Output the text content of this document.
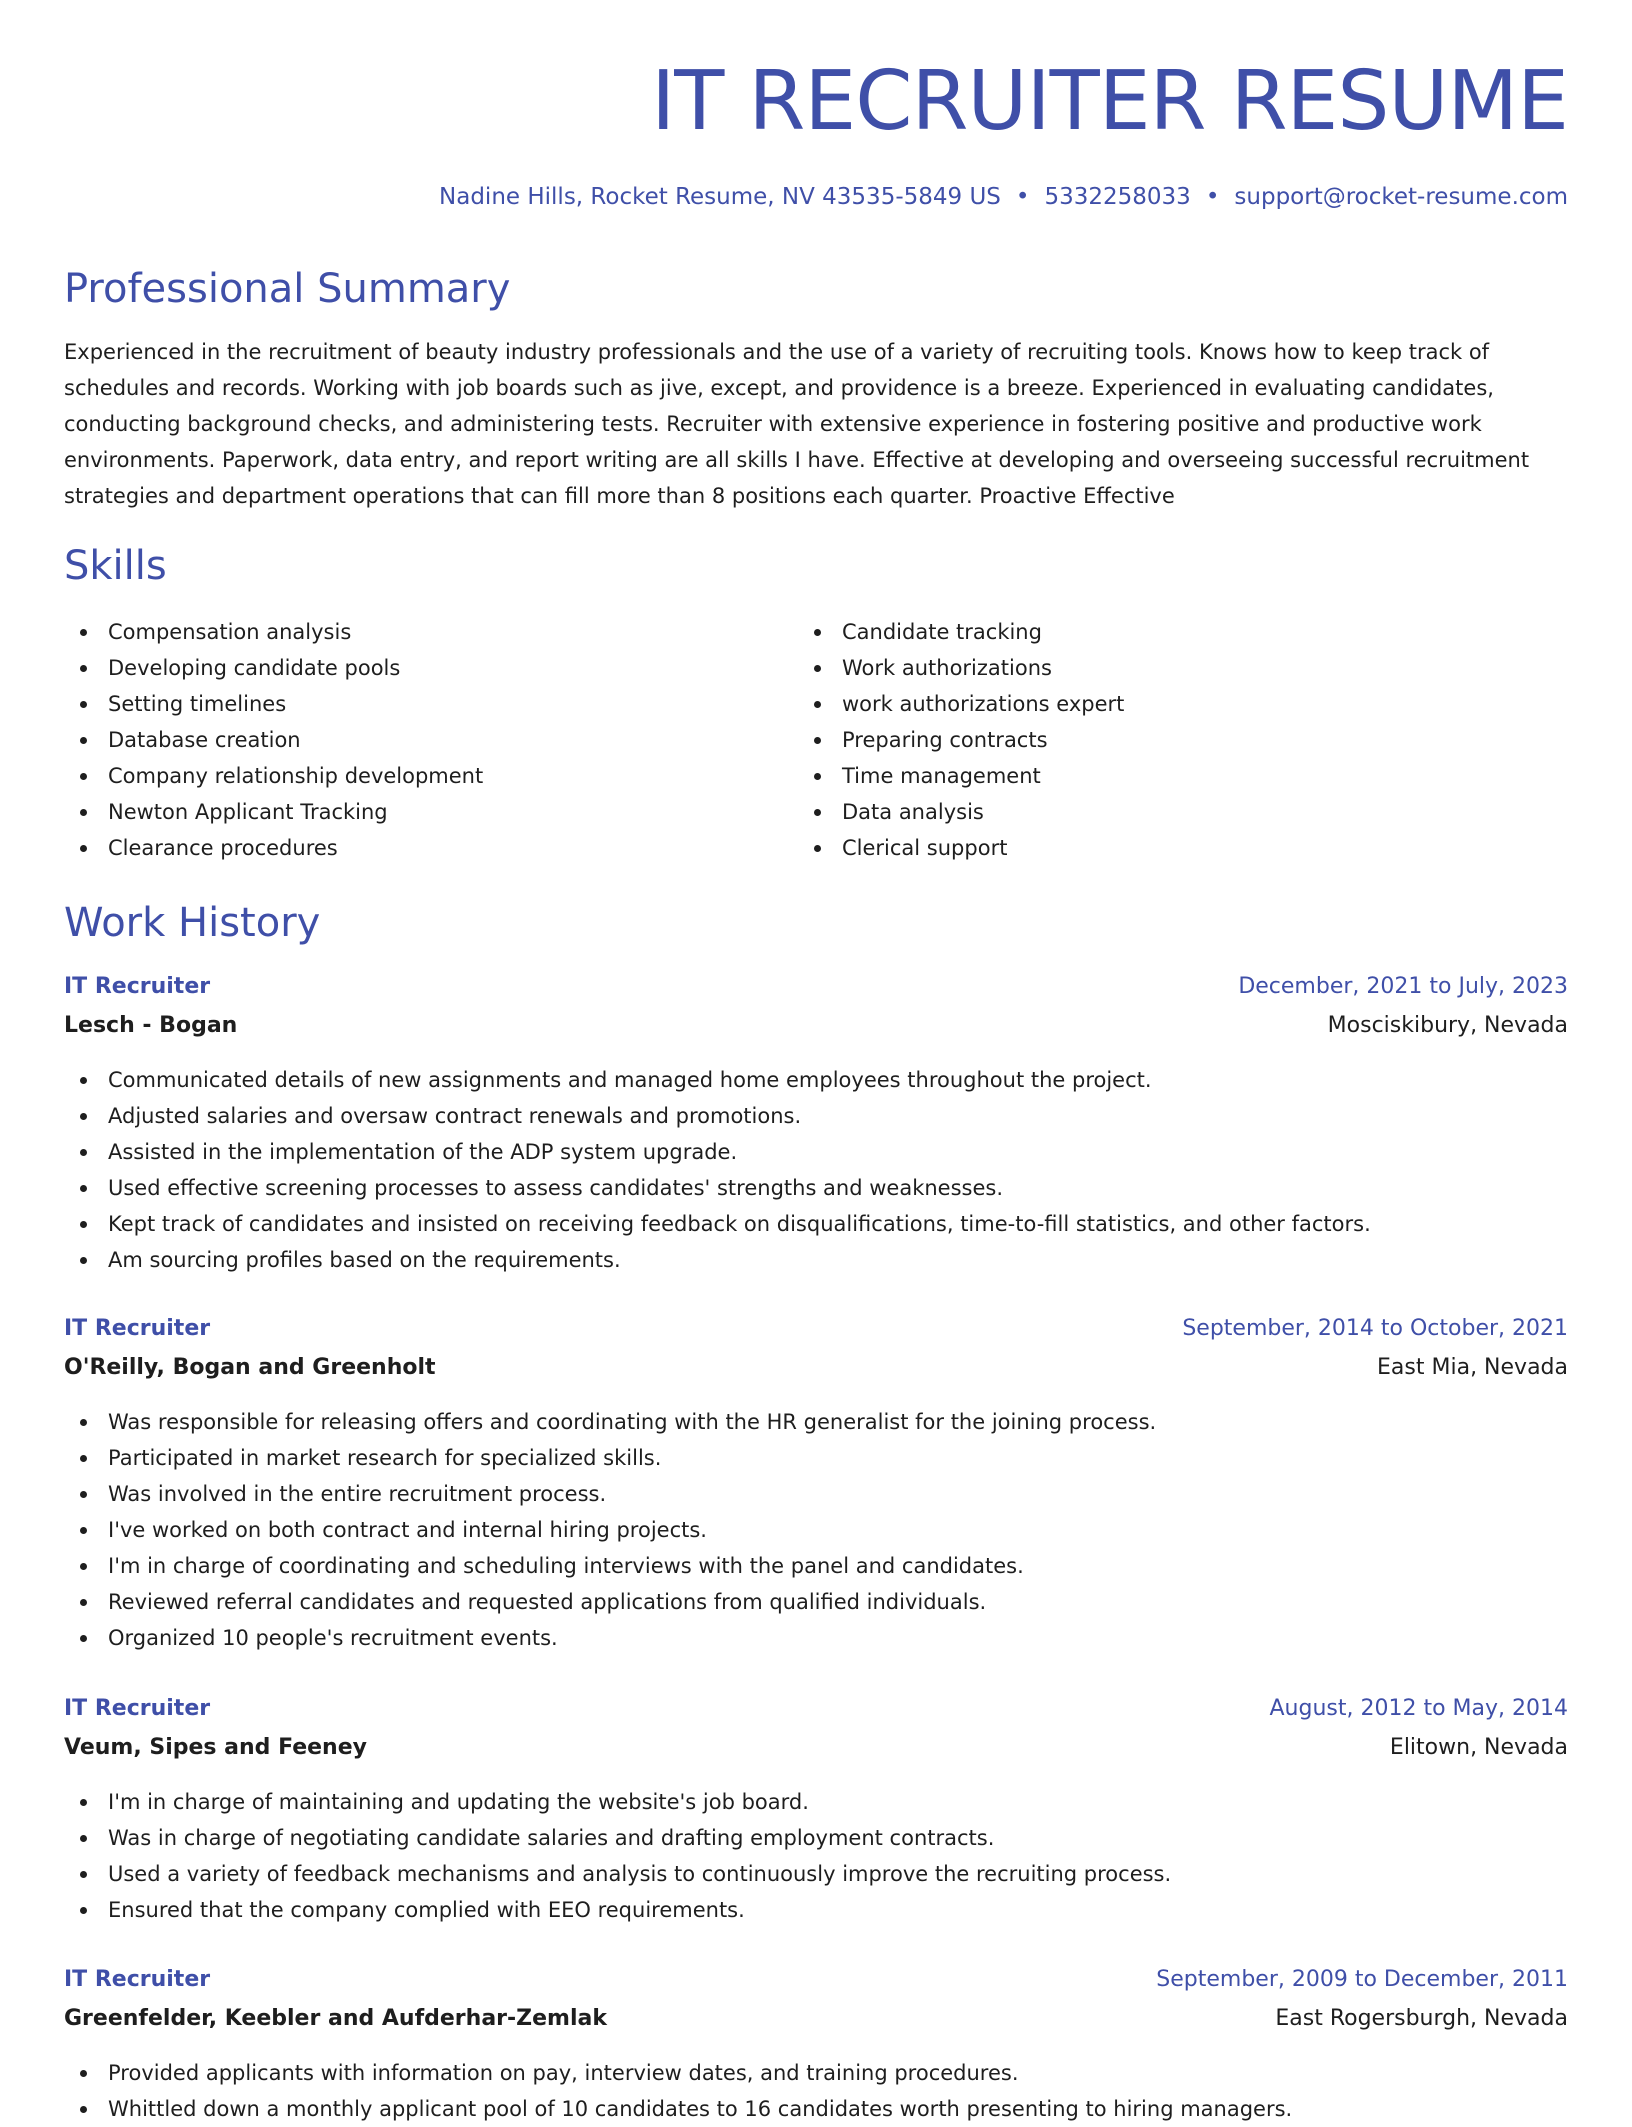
IT RECRUITER RESUME
Nadine Hills, Rocket Resume, NV 43535-5849 US • 5332258033 • support@rocket-resume.com
Professional Summary

Experienced in the recruitment of beauty industry professionals and the use of a variety of recruiting tools. Knows how to keep track of schedules and records. Working with job boards such as jive, except, and providence is a breeze. Experienced in evaluating candidates, conducting background checks, and administering tests. Recruiter with extensive experience in fostering positive and productive work environments. Paperwork, data entry, and report writing are all skills I have. Effective at developing and overseeing successful recruitment strategies and department operations that can fill more than 8 positions each quarter. Proactive Effective

Skills
Compensation analysis
Developing candidate pools
Setting timelines
Database creation
Company relationship development
Newton Applicant Tracking
Clearance procedures
Candidate tracking
Work authorizations
work authorizations expert
Preparing contracts
Time management
Data analysis
Clerical support
Work History
IT Recruiter	December, 2021 to July, 2023
Lesch - Bogan	Mosciskibury, Nevada
Communicated details of new assignments and managed home employees throughout the project.
Adjusted salaries and oversaw contract renewals and promotions.
Assisted in the implementation of the ADP system upgrade.
Used effective screening processes to assess candidates' strengths and weaknesses.
Kept track of candidates and insisted on receiving feedback on disqualifications, time-to-fill statistics, and other factors.
Am sourcing profiles based on the requirements.
IT Recruiter	September, 2014 to October, 2021
O'Reilly, Bogan and Greenholt	East Mia, Nevada
Was responsible for releasing offers and coordinating with the HR generalist for the joining process.
Participated in market research for specialized skills.
Was involved in the entire recruitment process.
I've worked on both contract and internal hiring projects.
I'm in charge of coordinating and scheduling interviews with the panel and candidates.
Reviewed referral candidates and requested applications from qualified individuals.
Organized 10 people's recruitment events.
IT Recruiter	August, 2012 to May, 2014
Veum, Sipes and Feeney	Elitown, Nevada
I'm in charge of maintaining and updating the website's job board.
Was in charge of negotiating candidate salaries and drafting employment contracts.
Used a variety of feedback mechanisms and analysis to continuously improve the recruiting process.
Ensured that the company complied with EEO requirements.
IT Recruiter	September, 2009 to December, 2011
Greenfelder, Keebler and Aufderhar-Zemlak	East Rogersburgh, Nevada
Provided applicants with information on pay, interview dates, and training procedures.
Whittled down a monthly applicant pool of 10 candidates to 16 candidates worth presenting to hiring managers.
